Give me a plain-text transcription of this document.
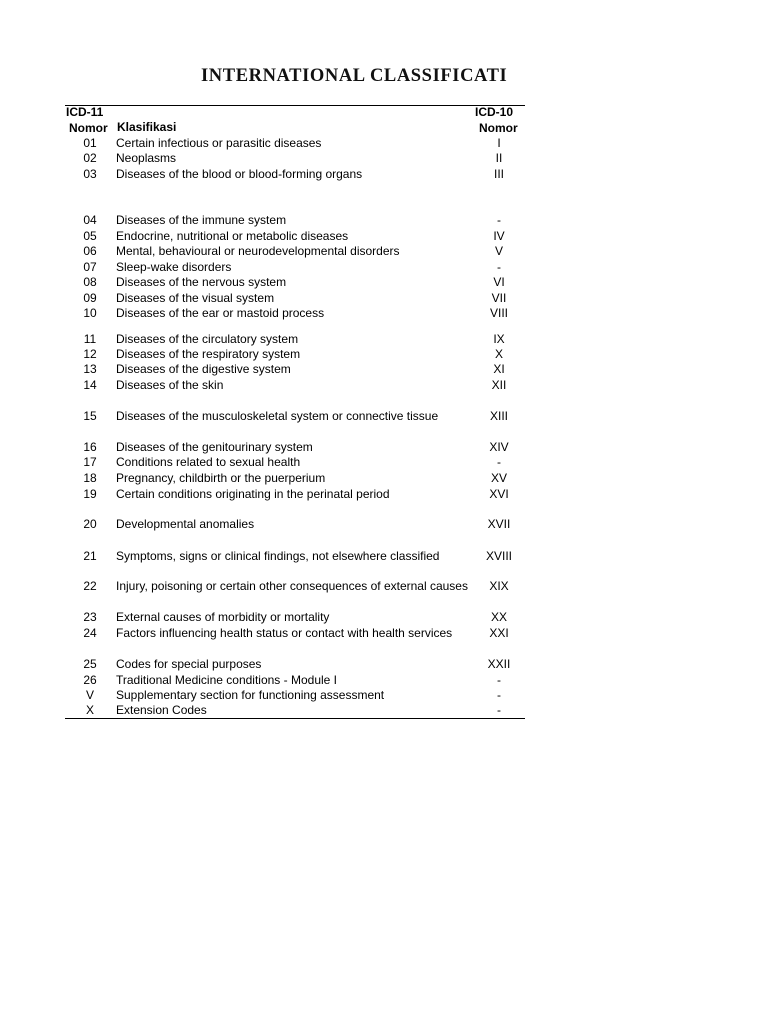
INTERNATIONAL CLASSIFICATI
ICD-11	ICD-10
Nomor Klasifikasi	Nomor
01	Certain infectious or parasitic diseases	I
02	Neoplasms	II
03	Diseases of the blood or blood-forming organs	III
04	Diseases of the immune system	-
05	Endocrine, nutritional or metabolic diseases	IV
06	Mental, behavioural or neurodevelopmental disorders	V
07	Sleep-wake disorders	-
08	Diseases of the nervous system	VI
09	Diseases of the visual system	VII
10	Diseases of the ear or mastoid process	VIII
11	Diseases of the circulatory system	IX
12	Diseases of the respiratory system	X
13	Diseases of the digestive system	XI
14	Diseases of the skin	XII
15	Diseases of the musculoskeletal system or connective tissue	XIII
16	Diseases of the genitourinary system	XIV
17	Conditions related to sexual health	-
18	Pregnancy, childbirth or the puerperium	XV
19	Certain conditions originating in the perinatal period	XVI
20	Developmental anomalies	XVII
21	Symptoms, signs or clinical findings, not elsewhere classified	XVIII
22	Injury, poisoning or certain other consequences of external causes	XIX
23	External causes of morbidity or mortality	XX
24	Factors influencing health status or contact with health services	XXI
25	Codes for special purposes	XXII
26	Traditional Medicine conditions - Module I	-
V	Supplementary section for functioning assessment	-
X	Extension Codes	-
